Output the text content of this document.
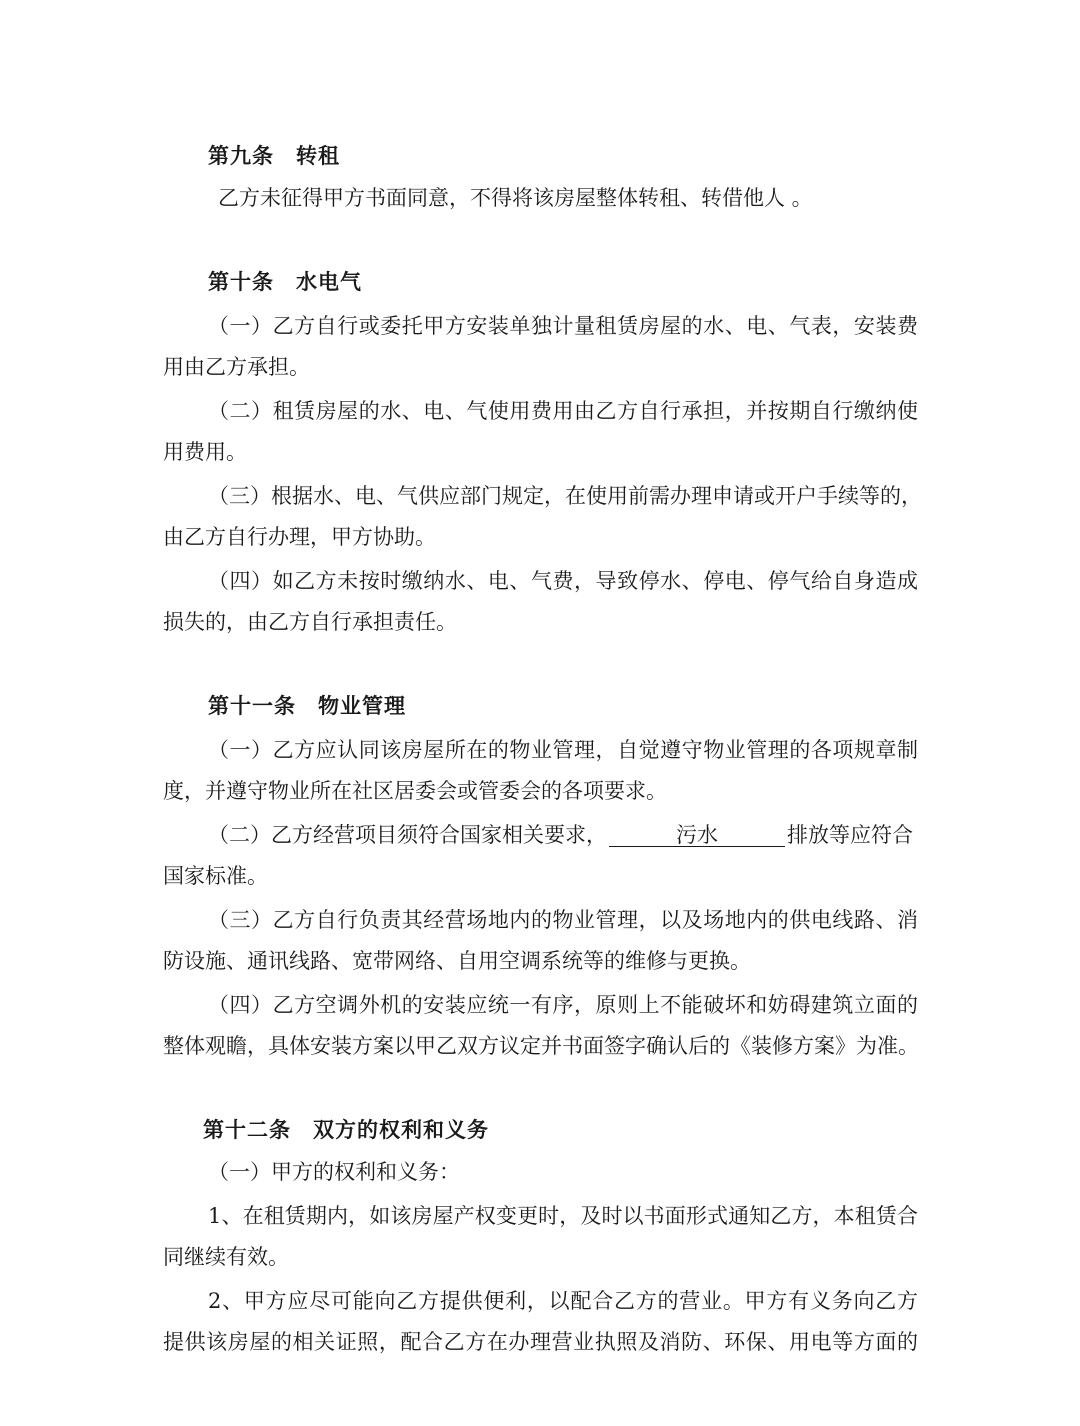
第九条 转租
乙方未征得甲方书面同意，不得将该房屋整体转租、转借他人 。
第十条 水电气
（一）乙方自行或委托甲方安装单独计量租赁房屋的水、电、气表，安装费
用由乙方承担。
（二）租赁房屋的水、电、气使用费用由乙方自行承担，并按期自行缴纳使
用费用。
（三）根据水、电、气供应部门规定，在使用前需办理申请或开户手续等的，
由乙方自行办理，甲方协助。
（四）如乙方未按时缴纳水、电、气费，导致停水、停电、停气给自身造成
损失的，由乙方自行承担责任。
第十一条 物业管理
（一）乙方应认同该房屋所在的物业管理，自觉遵守物业管理的各项规章制
度，并遵守物业所在社区居委会或管委会的各项要求。
（二）乙方经营项目须符合国家相关要求，	污水	排放等应符合
国家标准。
（三）乙方自行负责其经营场地内的物业管理，以及场地内的供电线路、消
防设施、通讯线路、宽带网络、自用空调系统等的维修与更换。
（四）乙方空调外机的安装应统一有序，原则上不能破坏和妨碍建筑立面的
整体观瞻，具体安装方案以甲乙双方议定并书面签字确认后的《装修方案》为准。
第十二条 双方的权利和义务
（一）甲方的权利和义务：
1、在租赁期内，如该房屋产权变更时，及时以书面形式通知乙方，本租赁合
同继续有效。
2、甲方应尽可能向乙方提供便利，以配合乙方的营业。甲方有义务向乙方
提供该房屋的相关证照，配合乙方在办理营业执照及消防、环保、用电等方面的
